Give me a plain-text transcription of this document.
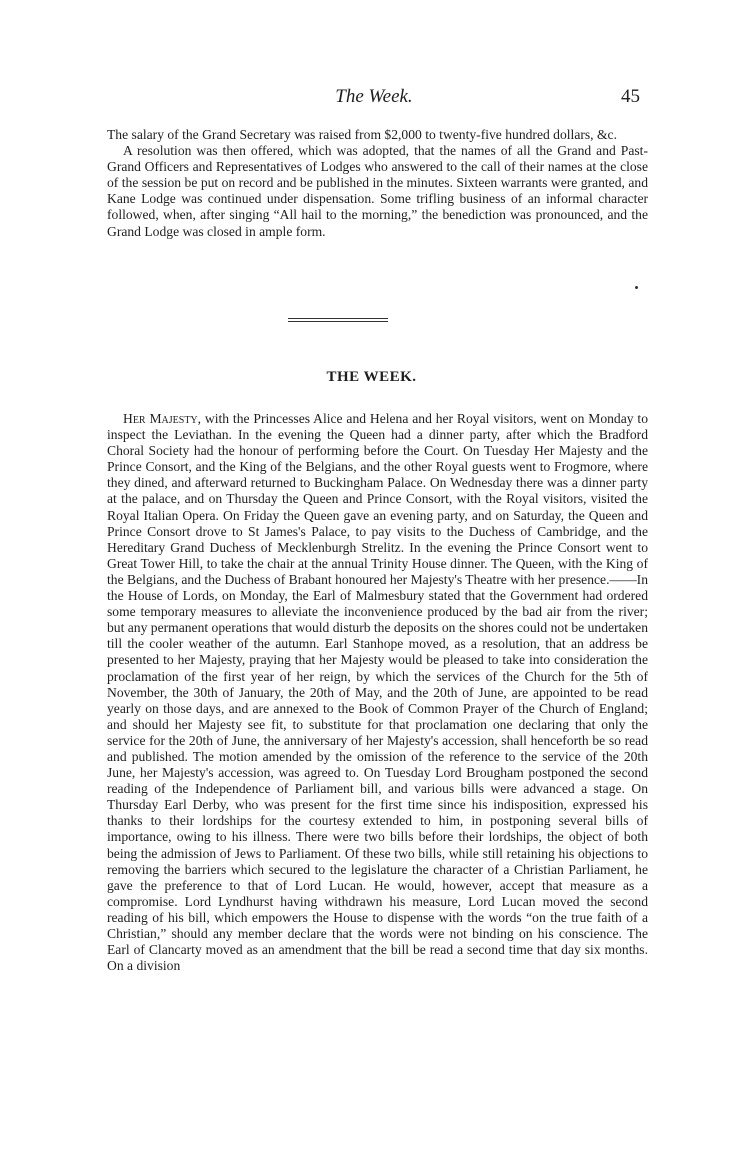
The Week.	45

The salary of the Grand Secretary was raised from $2,000 to twenty-five hundred dollars, &c.

A resolution was then offered, which was adopted, that the names of all the Grand and Past-Grand Officers and Representatives of Lodges who answered to the call of their names at the close of the session be put on record and be published in the minutes. Sixteen warrants were granted, and Kane Lodge was continued under dispensation. Some trifling business of an informal character followed, when, after singing “All hail to the morning,” the benediction was pronounced, and the Grand Lodge was closed in ample form.

THE WEEK.

Her Majesty, with the Princesses Alice and Helena and her Royal visitors, went on Monday to inspect the Leviathan. In the evening the Queen had a dinner party, after which the Bradford Choral Society had the honour of performing before the Court. On Tuesday Her Majesty and the Prince Consort, and the King of the Belgians, and the other Royal guests went to Frogmore, where they dined, and afterward returned to Buckingham Palace. On Wednesday there was a dinner party at the palace, and on Thursday the Queen and Prince Consort, with the Royal visitors, visited the Royal Italian Opera. On Friday the Queen gave an evening party, and on Saturday, the Queen and Prince Consort drove to St James's Palace, to pay visits to the Duchess of Cambridge, and the Hereditary Grand Duchess of Mecklenburgh Strelitz. In the evening the Prince Consort went to Great Tower Hill, to take the chair at the annual Trinity House dinner. The Queen, with the King of the Belgians, and the Duchess of Brabant honoured her Majesty's Theatre with her presence.——In the House of Lords, on Monday, the Earl of Malmesbury stated that the Government had ordered some temporary measures to alleviate the inconvenience produced by the bad air from the river; but any permanent operations that would disturb the deposits on the shores could not be undertaken till the cooler weather of the autumn. Earl Stanhope moved, as a resolution, that an address be presented to her Majesty, praying that her Majesty would be pleased to take into consideration the proclamation of the first year of her reign, by which the services of the Church for the 5th of November, the 30th of January, the 20th of May, and the 20th of June, are appointed to be read yearly on those days, and are annexed to the Book of Common Prayer of the Church of England; and should her Majesty see fit, to substitute for that proclamation one declaring that only the service for the 20th of June, the anniversary of her Majesty's accession, shall henceforth be so read and published. The motion amended by the omission of the reference to the service of the 20th June, her Majesty's accession, was agreed to. On Tuesday Lord Brougham postponed the second reading of the Independence of Parliament bill, and various bills were advanced a stage. On Thursday Earl Derby, who was present for the first time since his indisposition, expressed his thanks to their lordships for the courtesy extended to him, in postponing several bills of importance, owing to his illness. There were two bills before their lordships, the object of both being the admission of Jews to Parliament. Of these two bills, while still retaining his objections to removing the barriers which secured to the legislature the character of a Christian Parliament, he gave the preference to that of Lord Lucan. He would, however, accept that measure as a compromise. Lord Lyndhurst having withdrawn his measure, Lord Lucan moved the second reading of his bill, which empowers the House to dispense with the words “on the true faith of a Christian,” should any member declare that the words were not binding on his conscience. The Earl of Clancarty moved as an amendment that the bill be read a second time that day six months. On a division
